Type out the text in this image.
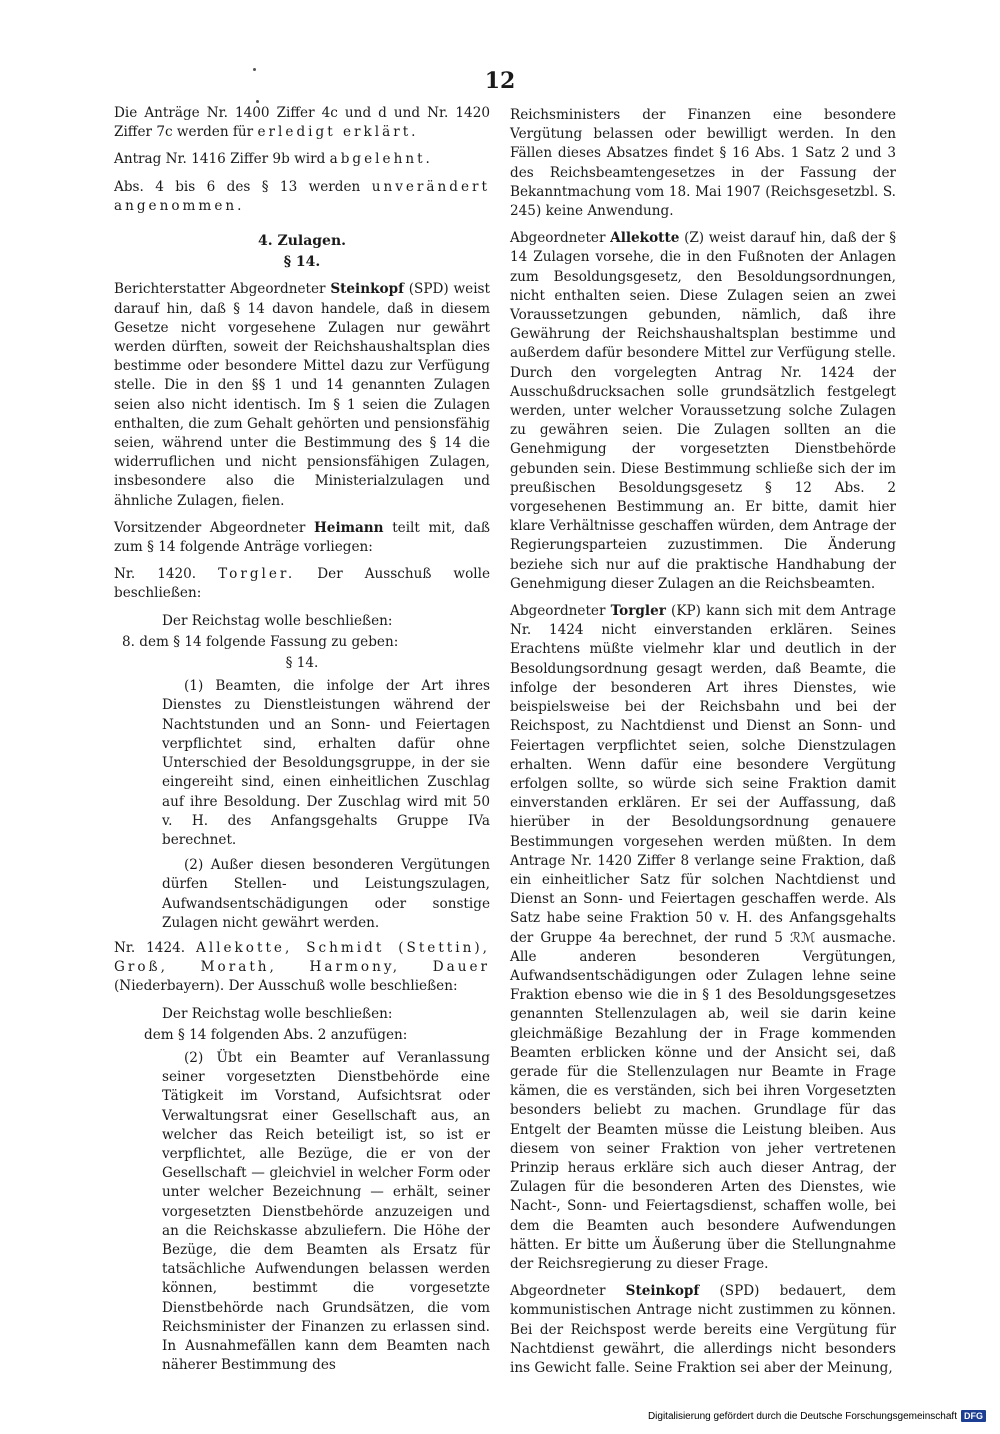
12

Die Anträge Nr. 1400 Ziffer 4c und d und Nr. 1420 Ziffer 7c werden für erledigt erklärt.

Antrag Nr. 1416 Ziffer 9b wird abgelehnt.

Abs. 4 bis 6 des § 13 werden unverändert angenommen.

4. Zulagen.
§ 14.

Berichterstatter Abgeordneter Steinkopf (SPD) weist darauf hin, daß § 14 davon handele, daß in diesem Gesetze nicht vorgesehene Zulagen nur gewährt werden dürften, soweit der Reichshaushaltsplan dies bestimme oder besondere Mittel dazu zur Verfügung stelle. Die in den §§ 1 und 14 genannten Zulagen seien also nicht identisch. Im § 1 seien die Zulagen enthalten, die zum Gehalt gehörten und pensionsfähig seien, während unter die Bestimmung des § 14 die widerruflichen und nicht pensionsfähigen Zulagen, insbesondere also die Ministerialzulagen und ähnliche Zulagen, fielen.

Vorsitzender Abgeordneter Heimann teilt mit, daß zum § 14 folgende Anträge vorliegen:

Nr. 1420. Torgler. Der Ausschuß wolle beschließen:

Der Reichstag wolle beschließen:

8. dem § 14 folgende Fassung zu geben:

§ 14.

(1) Beamten, die infolge der Art ihres Dienstes zu Dienstleistungen während der Nachtstunden und an Sonn- und Feiertagen verpflichtet sind, erhalten dafür ohne Unterschied der Besoldungsgruppe, in der sie eingereiht sind, einen einheitlichen Zuschlag auf ihre Besoldung. Der Zuschlag wird mit 50 v. H. des Anfangsgehalts Gruppe IVa berechnet.

(2) Außer diesen besonderen Vergütungen dürfen Stellen- und Leistungszulagen, Aufwandsentschädigungen oder sonstige Zulagen nicht gewährt werden.

Nr. 1424. Allekotte, Schmidt (Stettin), Groß, Morath, Harmony, Dauer (Niederbayern). Der Ausschuß wolle beschließen:

Der Reichstag wolle beschließen:

dem § 14 folgenden Abs. 2 anzufügen:

(2) Übt ein Beamter auf Veranlassung seiner vorgesetzten Dienstbehörde eine Tätigkeit im Vorstand, Aufsichtsrat oder Verwaltungsrat einer Gesellschaft aus, an welcher das Reich beteiligt ist, so ist er verpflichtet, alle Bezüge, die er von der Gesellschaft — gleichviel in welcher Form oder unter welcher Bezeichnung — erhält, seiner vorgesetzten Dienstbehörde anzuzeigen und an die Reichskasse abzuliefern. Die Höhe der Bezüge, die dem Beamten als Ersatz für tatsächliche Aufwendungen belassen werden können, bestimmt die vorgesetzte Dienstbehörde nach Grundsätzen, die vom Reichsminister der Finanzen zu erlassen sind. In Ausnahmefällen kann dem Beamten nach näherer Bestimmung des

Reichsministers der Finanzen eine besondere Vergütung belassen oder bewilligt werden. In den Fällen dieses Absatzes findet § 16 Abs. 1 Satz 2 und 3 des Reichsbeamtengesetzes in der Fassung der Bekanntmachung vom 18. Mai 1907 (Reichsgesetzbl. S. 245) keine Anwendung.

Abgeordneter Allekotte (Z) weist darauf hin, daß der § 14 Zulagen vorsehe, die in den Fußnoten der Anlagen zum Besoldungsgesetz, den Besoldungsordnungen, nicht enthalten seien. Diese Zulagen seien an zwei Voraussetzungen gebunden, nämlich, daß ihre Gewährung der Reichshaushaltsplan bestimme und außerdem dafür besondere Mittel zur Verfügung stelle. Durch den vorgelegten Antrag Nr. 1424 der Ausschußdrucksachen solle grundsätzlich festgelegt werden, unter welcher Voraussetzung solche Zulagen zu gewähren seien. Die Zulagen sollten an die Genehmigung der vorgesetzten Dienstbehörde gebunden sein. Diese Bestimmung schließe sich der im preußischen Besoldungsgesetz § 12 Abs. 2 vorgesehenen Bestimmung an. Er bitte, damit hier klare Verhältnisse geschaffen würden, dem Antrage der Regierungsparteien zuzustimmen. Die Änderung beziehe sich nur auf die praktische Handhabung der Genehmigung dieser Zulagen an die Reichsbeamten.

Abgeordneter Torgler (KP) kann sich mit dem Antrage Nr. 1424 nicht einverstanden erklären. Seines Erachtens müßte vielmehr klar und deutlich in der Besoldungsordnung gesagt werden, daß Beamte, die infolge der besonderen Art ihres Dienstes, wie beispielsweise bei der Reichsbahn und bei der Reichspost, zu Nachtdienst und Dienst an Sonn- und Feiertagen verpflichtet seien, solche Dienstzulagen erhalten. Wenn dafür eine besondere Vergütung erfolgen sollte, so würde sich seine Fraktion damit einverstanden erklären. Er sei der Auffassung, daß hierüber in der Besoldungsordnung genauere Bestimmungen vorgesehen werden müßten. In dem Antrage Nr. 1420 Ziffer 8 verlange seine Fraktion, daß ein einheitlicher Satz für solchen Nachtdienst und Dienst an Sonn- und Feiertagen geschaffen werde. Als Satz habe seine Fraktion 50 v. H. des Anfangsgehalts der Gruppe 4a berechnet, der rund 5 ℛℳ ausmache. Alle anderen besonderen Vergütungen, Aufwandsentschädigungen oder Zulagen lehne seine Fraktion ebenso wie die in § 1 des Besoldungsgesetzes genannten Stellenzulagen ab, weil sie darin keine gleichmäßige Bezahlung der in Frage kommenden Beamten erblicken könne und der Ansicht sei, daß gerade für die Stellenzulagen nur Beamte in Frage kämen, die es verständen, sich bei ihren Vorgesetzten besonders beliebt zu machen. Grundlage für das Entgelt der Beamten müsse die Leistung bleiben. Aus diesem von seiner Fraktion von jeher vertretenen Prinzip heraus erkläre sich auch dieser Antrag, der Zulagen für die besonderen Arten des Dienstes, wie Nacht-, Sonn- und Feiertagsdienst, schaffen wolle, bei dem die Beamten auch besondere Aufwendungen hätten. Er bitte um Äußerung über die Stellungnahme der Reichsregierung zu dieser Frage.

Abgeordneter Steinkopf (SPD) bedauert, dem kommunistischen Antrage nicht zustimmen zu können. Bei der Reichspost werde bereits eine Vergütung für Nachtdienst gewährt, die allerdings nicht besonders ins Gewicht falle. Seine Fraktion sei aber der Meinung,

Digitalisierung gefördert durch die Deutsche Forschungsgemeinschaft DFG
